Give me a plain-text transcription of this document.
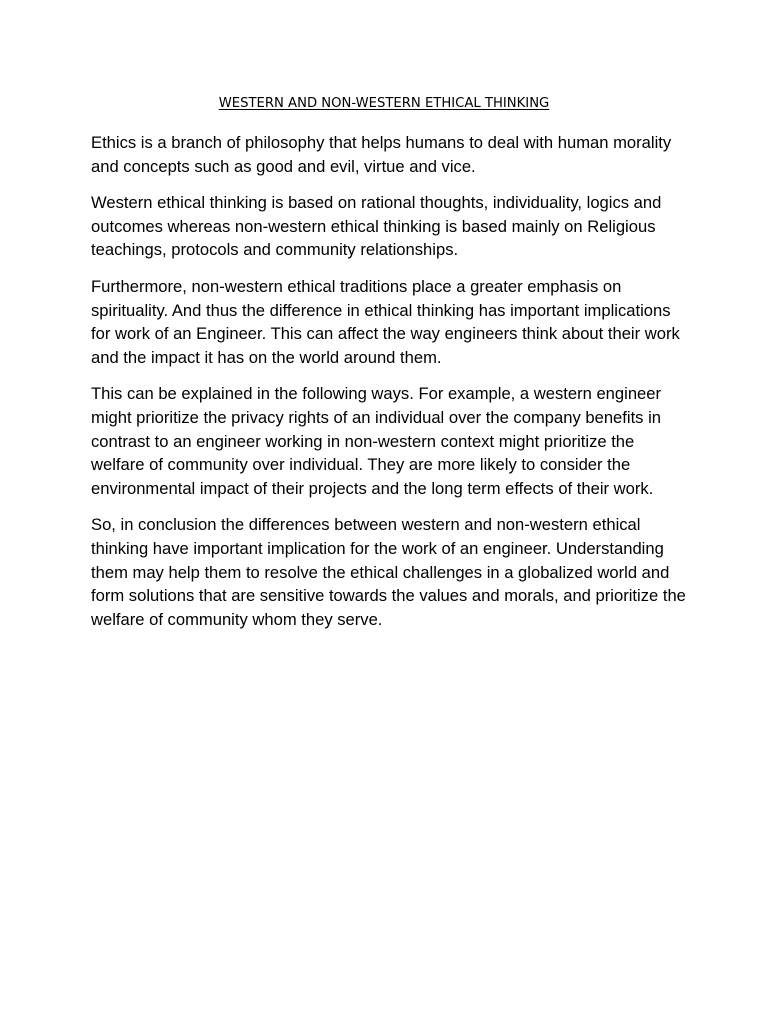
WESTERN AND NON-WESTERN ETHICAL THINKING

Ethics is a branch of philosophy that helps humans to deal with human morality and concepts such as good and evil, virtue and vice.

Western ethical thinking is based on rational thoughts, individuality, logics and outcomes whereas non-western ethical thinking is based mainly on Religious teachings, protocols and community relationships.

Furthermore, non-western ethical traditions place a greater emphasis on spirituality. And thus the difference in ethical thinking has important implications for work of an Engineer. This can affect the way engineers think about their work and the impact it has on the world around them.

This can be explained in the following ways. For example, a western engineer might prioritize the privacy rights of an individual over the company benefits in contrast to an engineer working in non-western context might prioritize the welfare of community over individual. They are more likely to consider the environmental impact of their projects and the long term effects of their work.

So, in conclusion the differences between western and non-western ethical thinking have important implication for the work of an engineer. Understanding them may help them to resolve the ethical challenges in a globalized world and form solutions that are sensitive towards the values and morals, and prioritize the welfare of community whom they serve.
